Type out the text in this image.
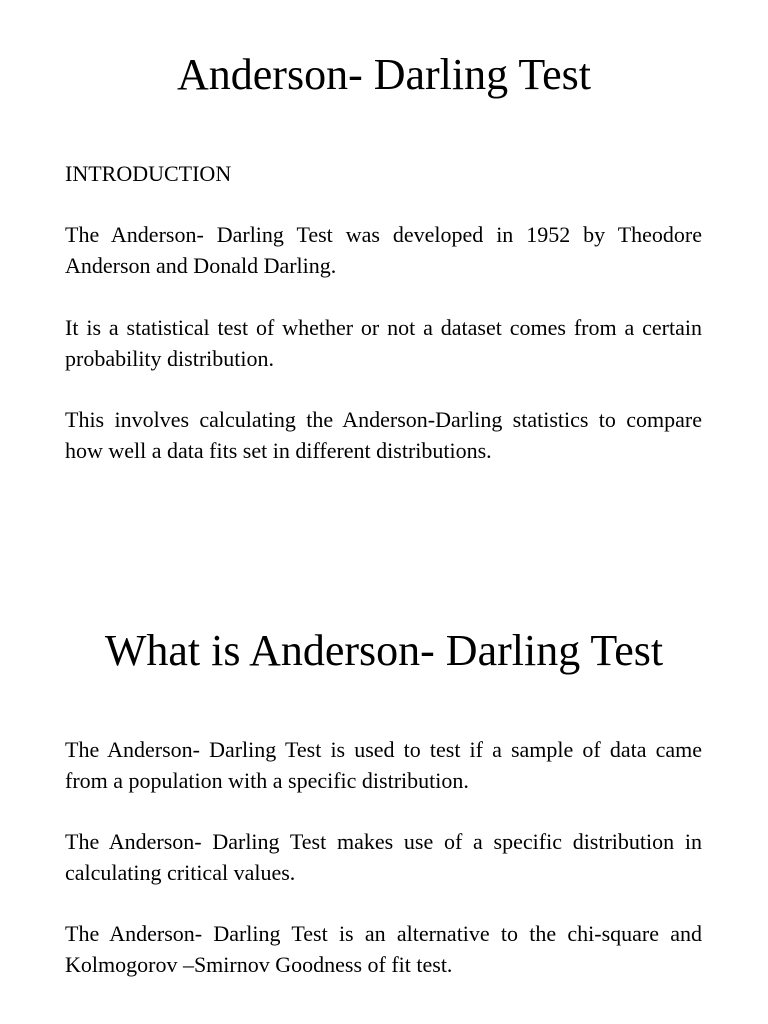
Anderson- Darling Test

INTRODUCTION

The Anderson- Darling Test was developed in 1952 by Theodore Anderson and Donald Darling.

It is a statistical test of whether or not a dataset comes from a certain probability distribution.

This involves calculating the Anderson-Darling statistics to compare how well a data fits set in different distributions.

What is Anderson- Darling Test

The Anderson- Darling Test is used to test if a sample of data came from a population with a specific distribution.

The Anderson- Darling Test makes use of a specific distribution in calculating critical values.

The Anderson- Darling Test is an alternative to the chi-square and Kolmogorov –Smirnov Goodness of fit test.
